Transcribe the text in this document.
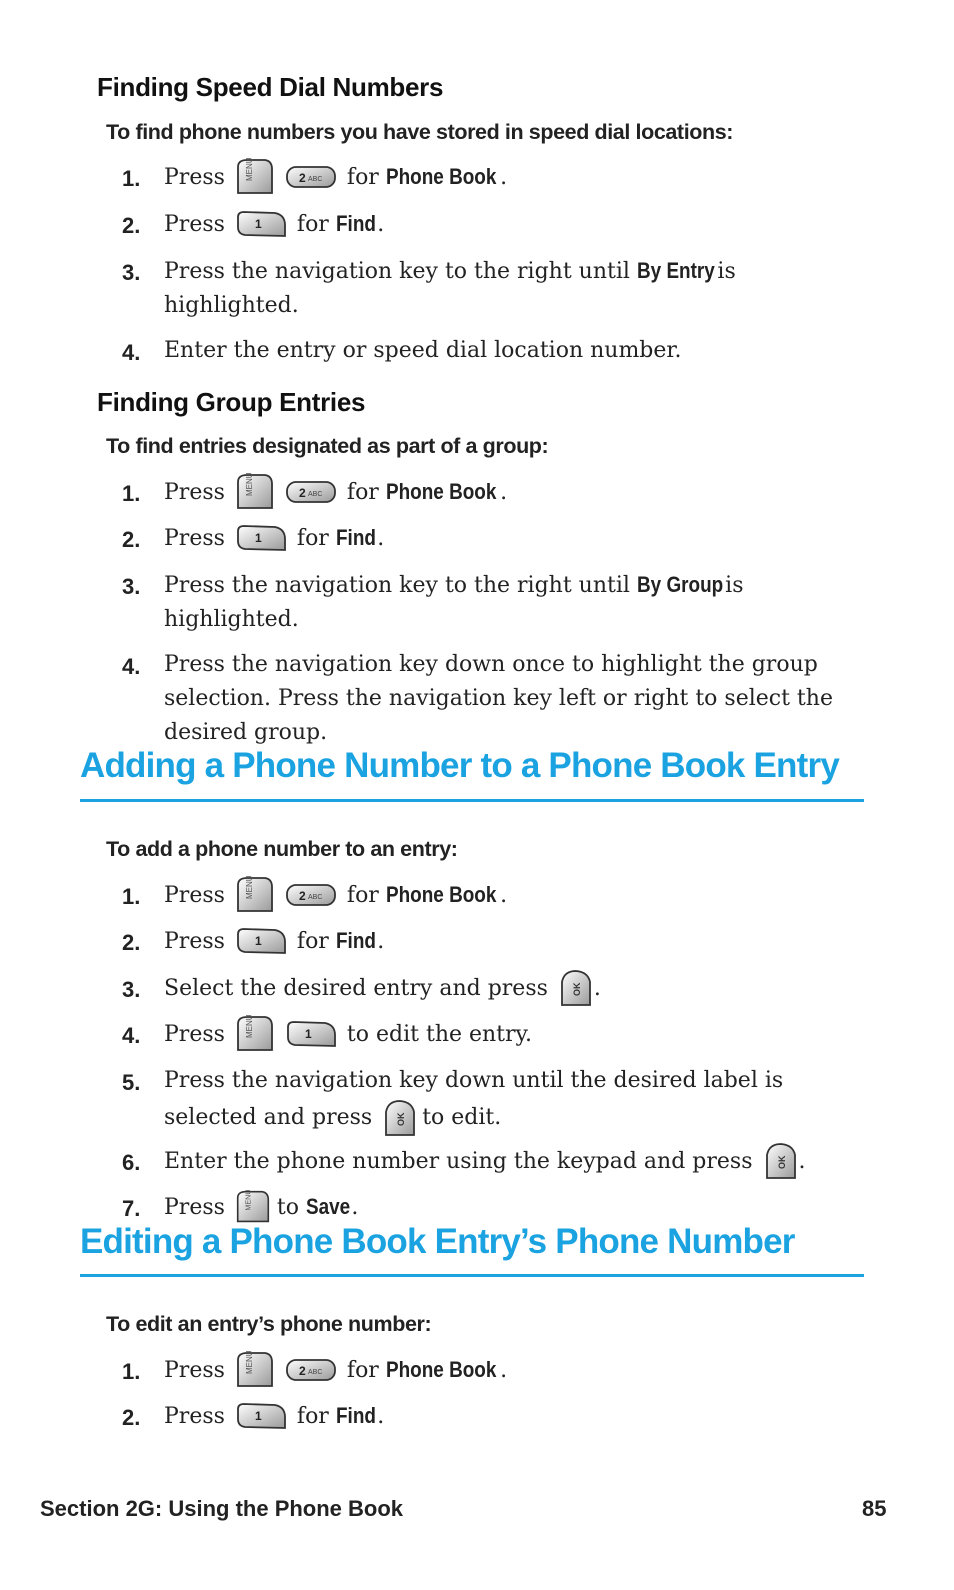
Finding Speed Dial Numbers
To find phone numbers you have stored in speed dial locations:
1. Press	for
Phone Book .
2. Press	for
Find .
3. Press the navigation key to the right until By Entry is
highlighted.
4. Enter the entry or speed dial location number.
Finding Group Entries
To find entries designated as part of a group:
1. Press	for
Phone Book .
2. Press	for
Find .
3. Press the navigation key to the right until By Groupis
highlighted.
4. Press the navigation key down once to highlight the group
selection. Press the navigation key left or right to select the
desired group.
Adding a Phone Number to a Phone Book Entry
To add a phone number to an entry:
1. Press	for
Phone Book .
2. Press	for
Find .
3. Select the desired entry and press .
4. Press	to edit the entry.
5. Press the navigation key down until the desired label is

selected and press to edit.
6. Enter the phone number using the keypad and press .
7. Press to
Save .
Editing a Phone Book Entry’s Phone Number
To edit an entry’s phone number:
1. Press	for
Phone Book .
2. Press	for
Find .
Section 2G: Using the Phone Book	85
